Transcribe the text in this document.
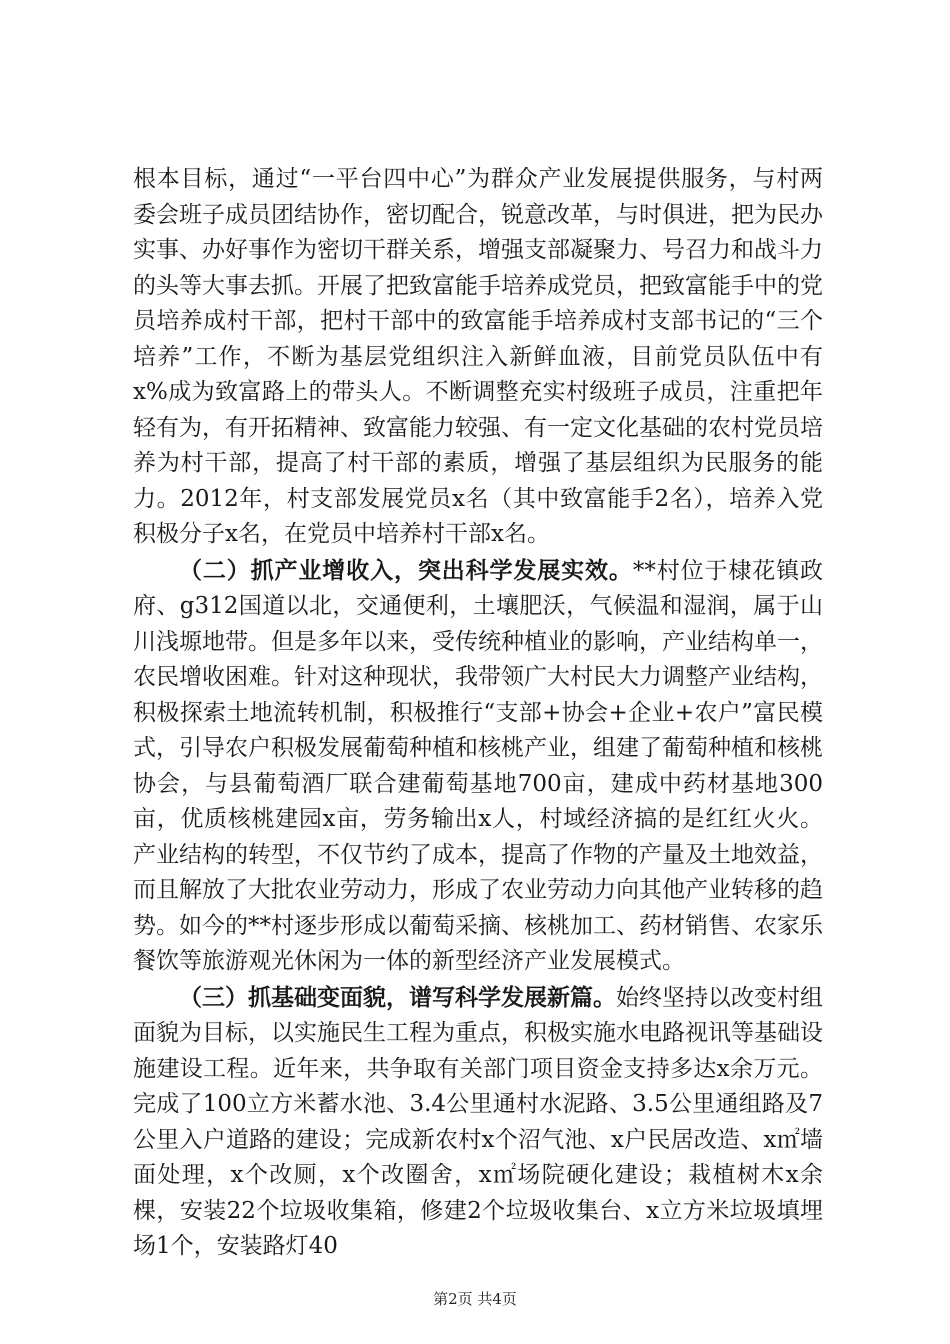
根本目标，通过“一平台四中心”为群众产业发展提供服务，与村两委会班子成员团结协作，密切配合，锐意改革，与时俱进，把为民办实事、办好事作为密切干群关系，增强支部凝聚力、号召力和战斗力的头等大事去抓。开展了把致富能手培养成党员，把致富能手中的党员培养成村干部，把村干部中的致富能手培养成村支部书记的“三个培养”工作，不断为基层党组织注入新鲜血液，目前党员队伍中有x%成为致富路上的带头人。不断调整充实村级班子成员，注重把年轻有为，有开拓精神、致富能力较强、有一定文化基础的农村党员培养为村干部，提高了村干部的素质，增强了基层组织为民服务的能力。2012年，村支部发展党员x名（其中致富能手2名），培养入党积极分子x名，在党员中培养村干部x名。

（二）抓产业增收入，突出科学发展实效。**村位于棣花镇政府、g312国道以北，交通便利，土壤肥沃，气候温和湿润，属于山川浅塬地带。但是多年以来，受传统种植业的影响，产业结构单一，农民增收困难。针对这种现状，我带领广大村民大力调整产业结构，积极探索土地流转机制，积极推行“支部+协会+企业+农户”富民模式，引导农户积极发展葡萄种植和核桃产业，组建了葡萄种植和核桃协会，与县葡萄酒厂联合建葡萄基地700亩，建成中药材基地300亩，优质核桃建园x亩，劳务输出x人，村域经济搞的是红红火火。产业结构的转型，不仅节约了成本，提高了作物的产量及土地效益，而且解放了大批农业劳动力，形成了农业劳动力向其他产业转移的趋势。如今的**村逐步形成以葡萄采摘、核桃加工、药材销售、农家乐餐饮等旅游观光休闲为一体的新型经济产业发展模式。

（三）抓基础变面貌，谱写科学发展新篇。始终坚持以改变村组面貌为目标，以实施民生工程为重点，积极实施水电路视讯等基础设施建设工程。近年来，共争取有关部门项目资金支持多达x余万元。完成了100立方米蓄水池、3.4公里通村水泥路、3.5公里通组路及7公里入户道路的建设；完成新农村x个沼气池、x户民居改造、x㎡墙面处理，x个改厕，x个改圈舍，x㎡场院硬化建设；栽植树木x余棵，安装22个垃圾收集箱，修建2个垃圾收集台、x立方米垃圾填埋场1个，安装路灯40

第2页 共4页
